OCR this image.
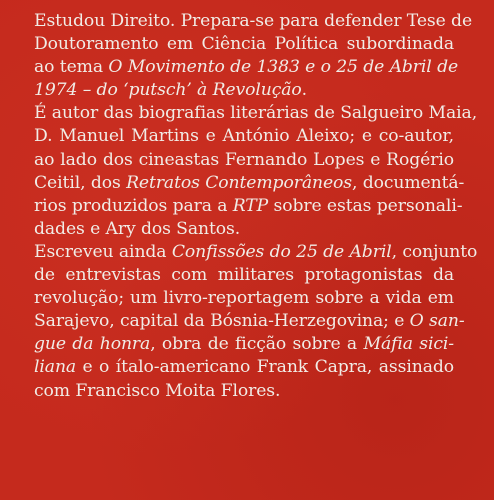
Estudou Direito. Prepara-se para defender Tese de
Doutoramento em Ciência Política subordinada
ao tema O Movimento de 1383 e o 25 de Abril de
1974 – do ‘putsch’ à Revolução.
É autor das biografias literárias de Salgueiro Maia,
D. Manuel Martins e António Aleixo; e co-autor,
ao lado dos cineastas Fernando Lopes e Rogério
Ceitil, dos Retratos Contemporâneos, documentá-
rios produzidos para a RTP sobre estas personali-
dades e Ary dos Santos.
Escreveu ainda Confissões do 25 de Abril, conjunto
de entrevistas com militares protagonistas da
revolução; um livro-reportagem sobre a vida em
Sarajevo, capital da Bósnia-Herzegovina; e O san-
gue da honra, obra de ficção sobre a Máfia sici-
liana e o ítalo-americano Frank Capra, assinado
com Francisco Moita Flores.
